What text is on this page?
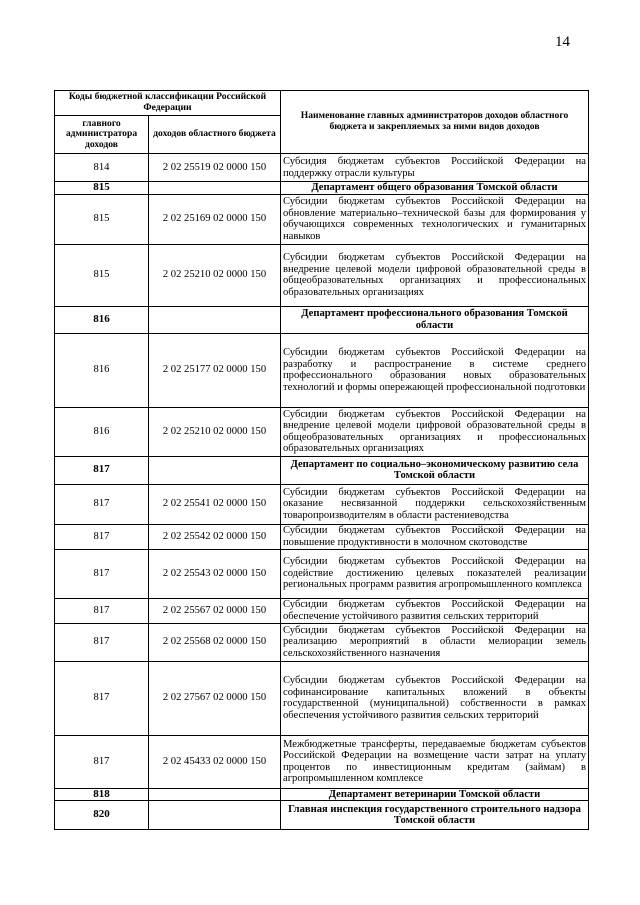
14
Коды бюджетной классификации Российской Федерации		Наименование главных администраторов доходов областного бюджета и закрепляемых за ними видов доходов
главного администратора доходов	доходов областного бюджета	
814	2 02 25519 02 0000 150	Субсидия бюджетам субъектов Российской Федерации на поддержку отрасли культуры
815		Департамент общего образования Томской области
815	2 02 25169 02 0000 150	Субсидии бюджетам субъектов Российской Федерации на обновление материально–технической базы для формирования у обучающихся современных технологических и гуманитарных навыков
815	2 02 25210 02 0000 150	Субсидии бюджетам субъектов Российской Федерации на внедрение целевой модели цифровой образовательной среды в общеобразовательных организациях и профессиональных образовательных организациях
816		Департамент профессионального образования Томской области
816	2 02 25177 02 0000 150	Субсидии бюджетам субъектов Российской Федерации на разработку и распространение в системе среднего профессионального образования новых образовательных технологий и формы опережающей профессиональной подготовки
816	2 02 25210 02 0000 150	Субсидии бюджетам субъектов Российской Федерации на внедрение целевой модели цифровой образовательной среды в общеобразовательных организациях и профессиональных образовательных организациях
817		Департамент по социально–экономическому развитию села Томской области
817	2 02 25541 02 0000 150	Субсидии бюджетам субъектов Российской Федерации на оказание несвязанной поддержки сельскохозяйственным товаропроизводителям в области растениеводства
817	2 02 25542 02 0000 150	Субсидии бюджетам субъектов Российской Федерации на повышение продуктивности в молочном скотоводстве
817	2 02 25543 02 0000 150	Субсидии бюджетам субъектов Российской Федерации на содействие достижению целевых показателей реализации региональных программ развития агропромышленного комплекса
817	2 02 25567 02 0000 150	Субсидии бюджетам субъектов Российской Федерации на обеспечение устойчивого развития сельских территорий
817	2 02 25568 02 0000 150	Субсидии бюджетам субъектов Российской Федерации на реализацию мероприятий в области мелиорации земель сельскохозяйственного назначения
817	2 02 27567 02 0000 150	Субсидии бюджетам субъектов Российской Федерации на софинансирование капитальных вложений в объекты государственной (муниципальной) собственности в рамках обеспечения устойчивого развития сельских территорий
817	2 02 45433 02 0000 150	Межбюджетные трансферты, передаваемые бюджетам субъектов Российской Федерации на возмещение части затрат на уплату процентов по инвестиционным кредитам (займам) в агропромышленном комплексе
818		Департамент ветеринарии Томской области
820		Главная инспекция государственного строительного надзора Томской области
